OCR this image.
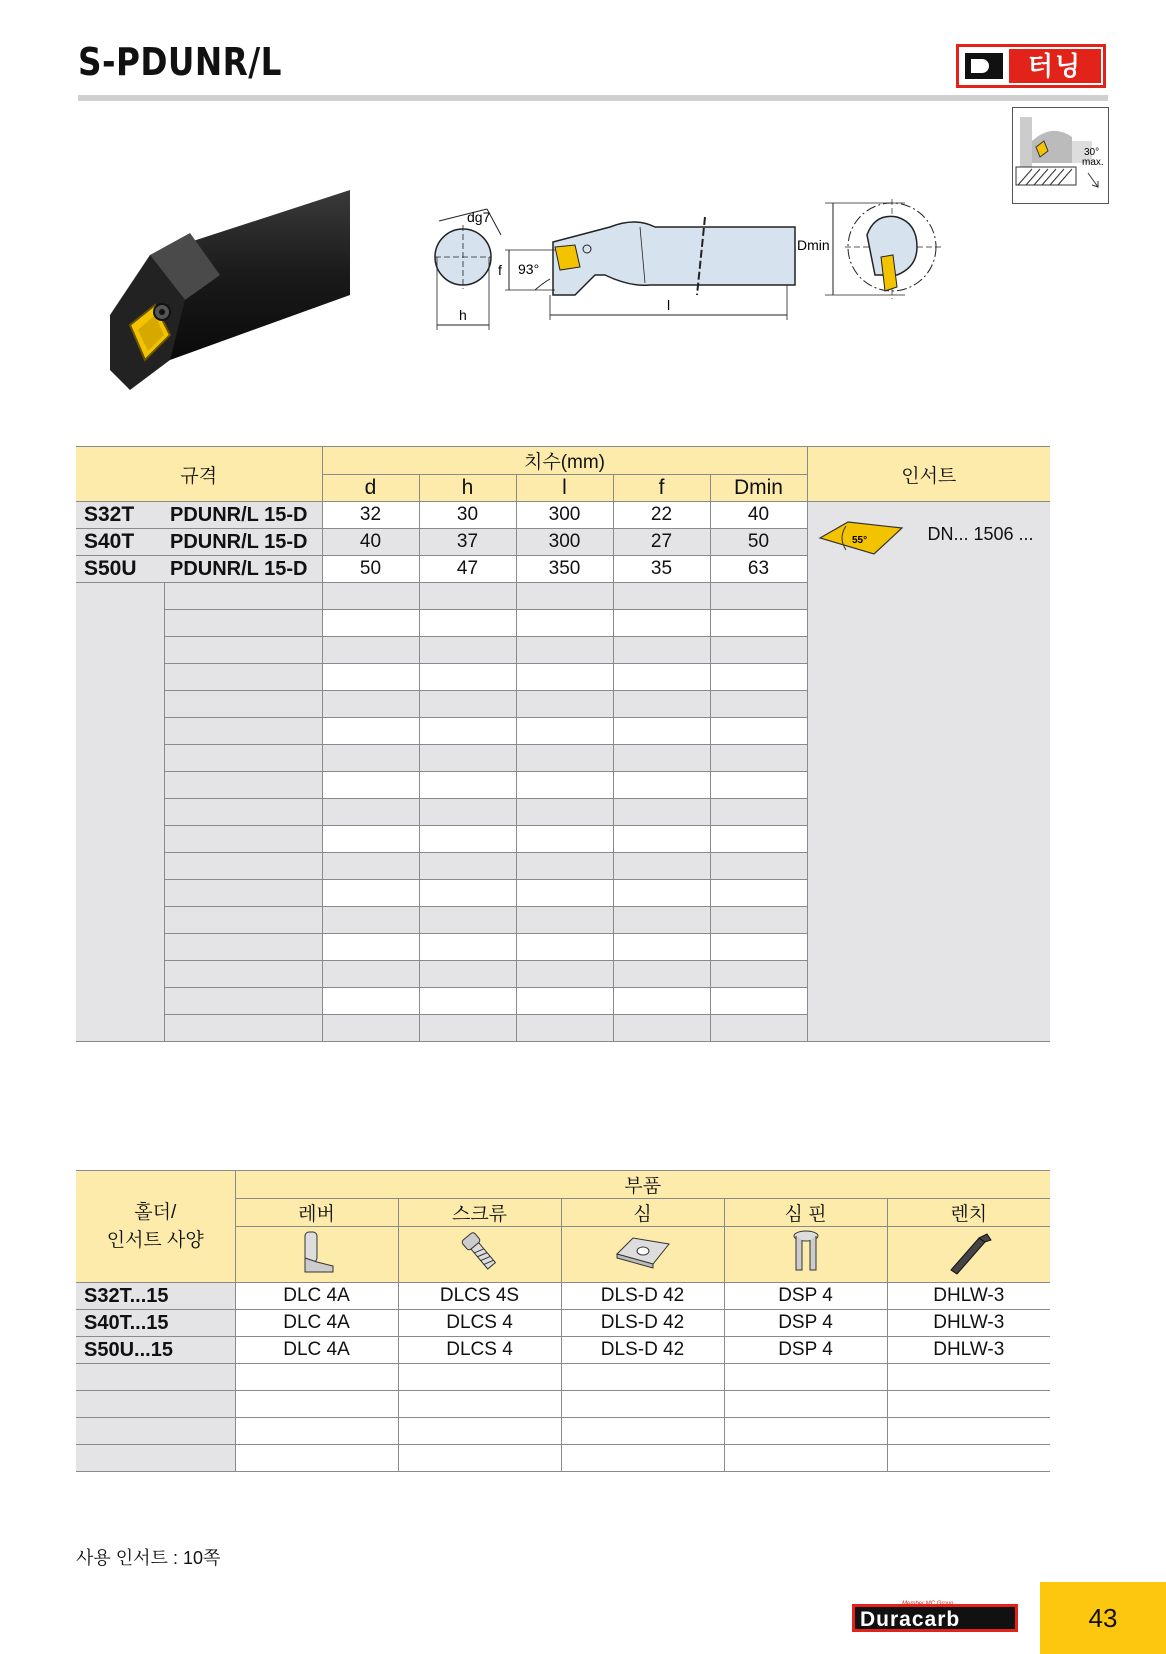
S-PDUNR/L	터닝
30°
max.
dg7
h
f 93°
l
Dmin
규격		치수(mm)					인서트
		d	h	l	f	Dmin	
S32T	PDUNR/L 15-D	32	30	300	22	40	55° DN... 1506 ...

S40T	PDUNR/L 15-D	40	37	300	27	50	
S50U	PDUNR/L 15-D	50	47	350	35	63	

홀더/
인서트 사양	부품				
	레버	스크류	심	심 핀	렌치

S32T...15	DLC 4A	DLCS 4S	DLS-D 42	DSP 4	DHLW-3
S40T...15	DLC 4A	DLCS 4	DLS-D 42	DSP 4	DHLW-3
S50U...15	DLC 4A	DLCS 4	DLS-D 42	DSP 4	DHLW-3

사용 인서트 : 10쪽
Member MC Group
Duracarb	43
